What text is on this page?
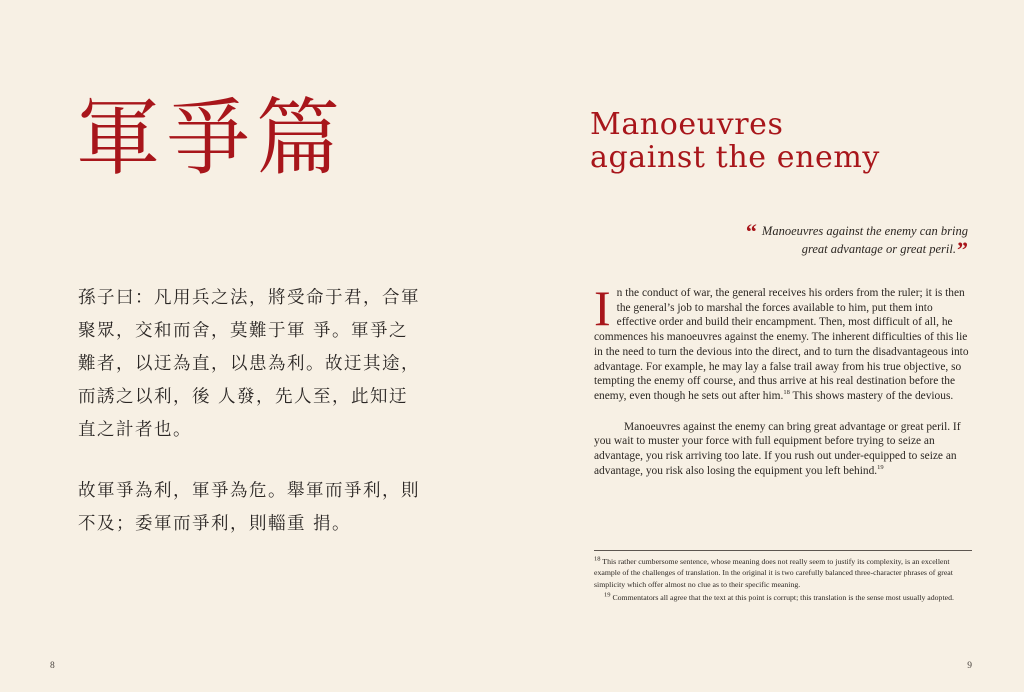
軍爭篇

孫子曰：凡用兵之法，將受命于君，合軍聚眾，交和而舍，莫難于軍 爭。軍爭之難者，以迂為直，以患為利。故迂其途，而誘之以利，後 人發，先人至，此知迂直之計者也。

故軍爭為利，軍爭為危。舉軍而爭利，則不及；委軍而爭利，則輜重 捐。

8
Manoeuvres
against the enemy
“ Manoeuvres against the enemy can bring great advantage or great peril.”

In the conduct of war, the general receives his orders from the ruler; it is then the general’s job to marshal the forces available to him, put them into effective order and build their encampment. Then, most difficult of all, he commences his manoeuvres against the enemy. The inherent difficulties of this lie in the need to turn the devious into the direct, and to turn the disadvantageous into advantage. For example, he may lay a false trail away from his true objective, so tempting the enemy off course, and thus arrive at his real destination before the enemy, even though he sets out after him.$^{18}$ This shows mastery of the devious.

Manoeuvres against the enemy can bring great advantage or great peril. If you wait to muster your force with full equipment before trying to seize an advantage, you risk arriving too late. If you rush out under-equipped to seize an advantage, you risk also losing the equipment you left behind.$^{19}$

$^{18}$ This rather cumbersome sentence, whose meaning does not really seem to justify its complexity, is an excellent example of the challenges of translation. In the original it is two carefully balanced three-character phrases of great simplicity which offer almost no clue as to their specific meaning.

$^{19}$ Commentators all agree that the text at this point is corrupt; this translation is the sense most usually adopted.

9
